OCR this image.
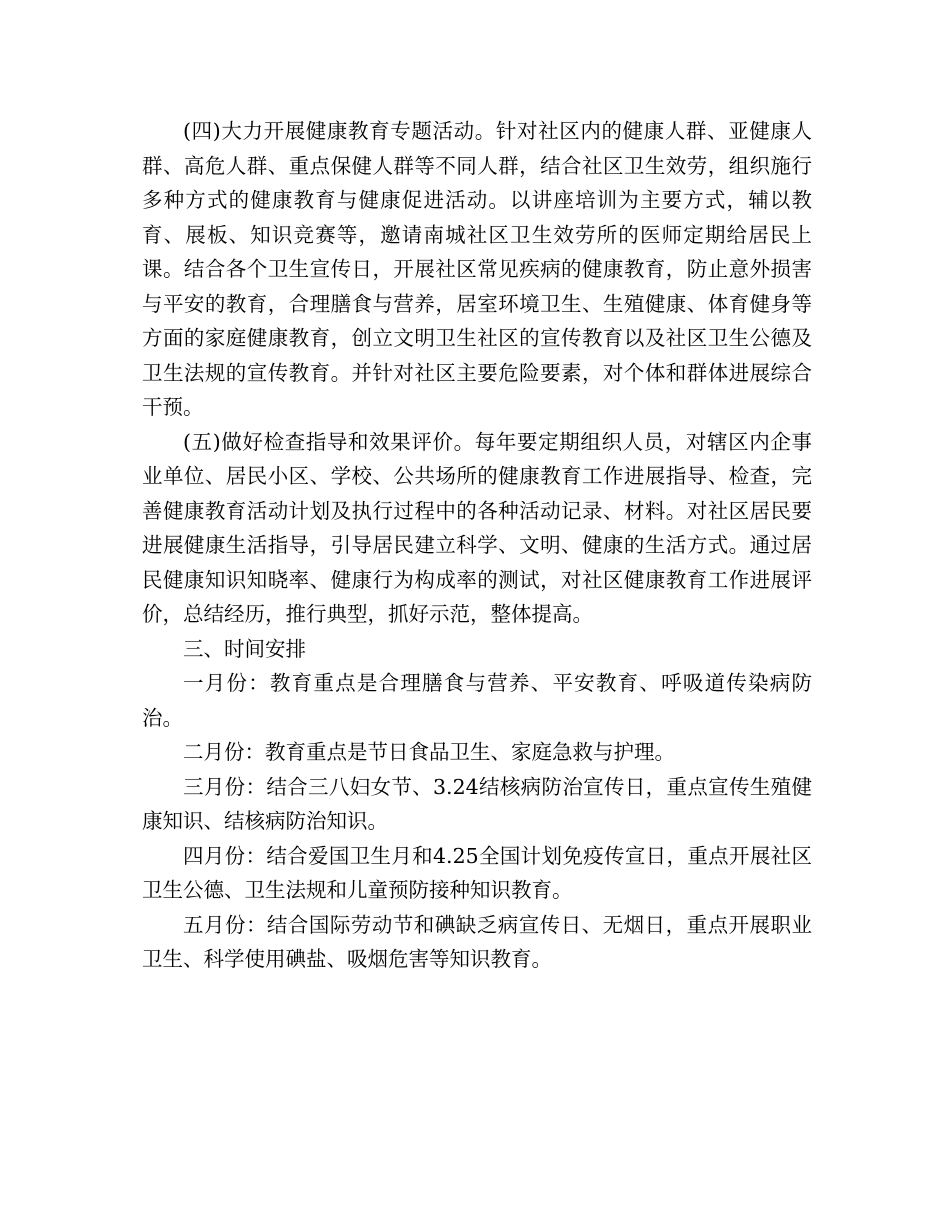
(四)大力开展健康教育专题活动。针对社区内的健康人群、亚健康人群、高危人群、重点保健人群等不同人群，结合社区卫生效劳，组织施行多种方式的健康教育与健康促进活动。以讲座培训为主要方式，辅以教育、展板、知识竞赛等，邀请南城社区卫生效劳所的医师定期给居民上课。结合各个卫生宣传日，开展社区常见疾病的健康教育，防止意外损害与平安的教育，合理膳食与营养，居室环境卫生、生殖健康、体育健身等方面的家庭健康教育，创立文明卫生社区的宣传教育以及社区卫生公德及卫生法规的宣传教育。并针对社区主要危险要素，对个体和群体进展综合干预。

(五)做好检查指导和效果评价。每年要定期组织人员，对辖区内企事业单位、居民小区、学校、公共场所的健康教育工作进展指导、检查，完善健康教育活动计划及执行过程中的各种活动记录、材料。对社区居民要进展健康生活指导，引导居民建立科学、文明、健康的生活方式。通过居民健康知识知晓率、健康行为构成率的测试，对社区健康教育工作进展评价，总结经历，推行典型，抓好示范，整体提高。

三、时间安排

一月份：教育重点是合理膳食与营养、平安教育、呼吸道传染病防治。

二月份：教育重点是节日食品卫生、家庭急救与护理。

三月份：结合三八妇女节、3.24结核病防治宣传日，重点宣传生殖健康知识、结核病防治知识。

四月份：结合爱国卫生月和4.25全国计划免疫传宣日，重点开展社区卫生公德、卫生法规和儿童预防接种知识教育。

五月份：结合国际劳动节和碘缺乏病宣传日、无烟日，重点开展职业卫生、科学使用碘盐、吸烟危害等知识教育。
